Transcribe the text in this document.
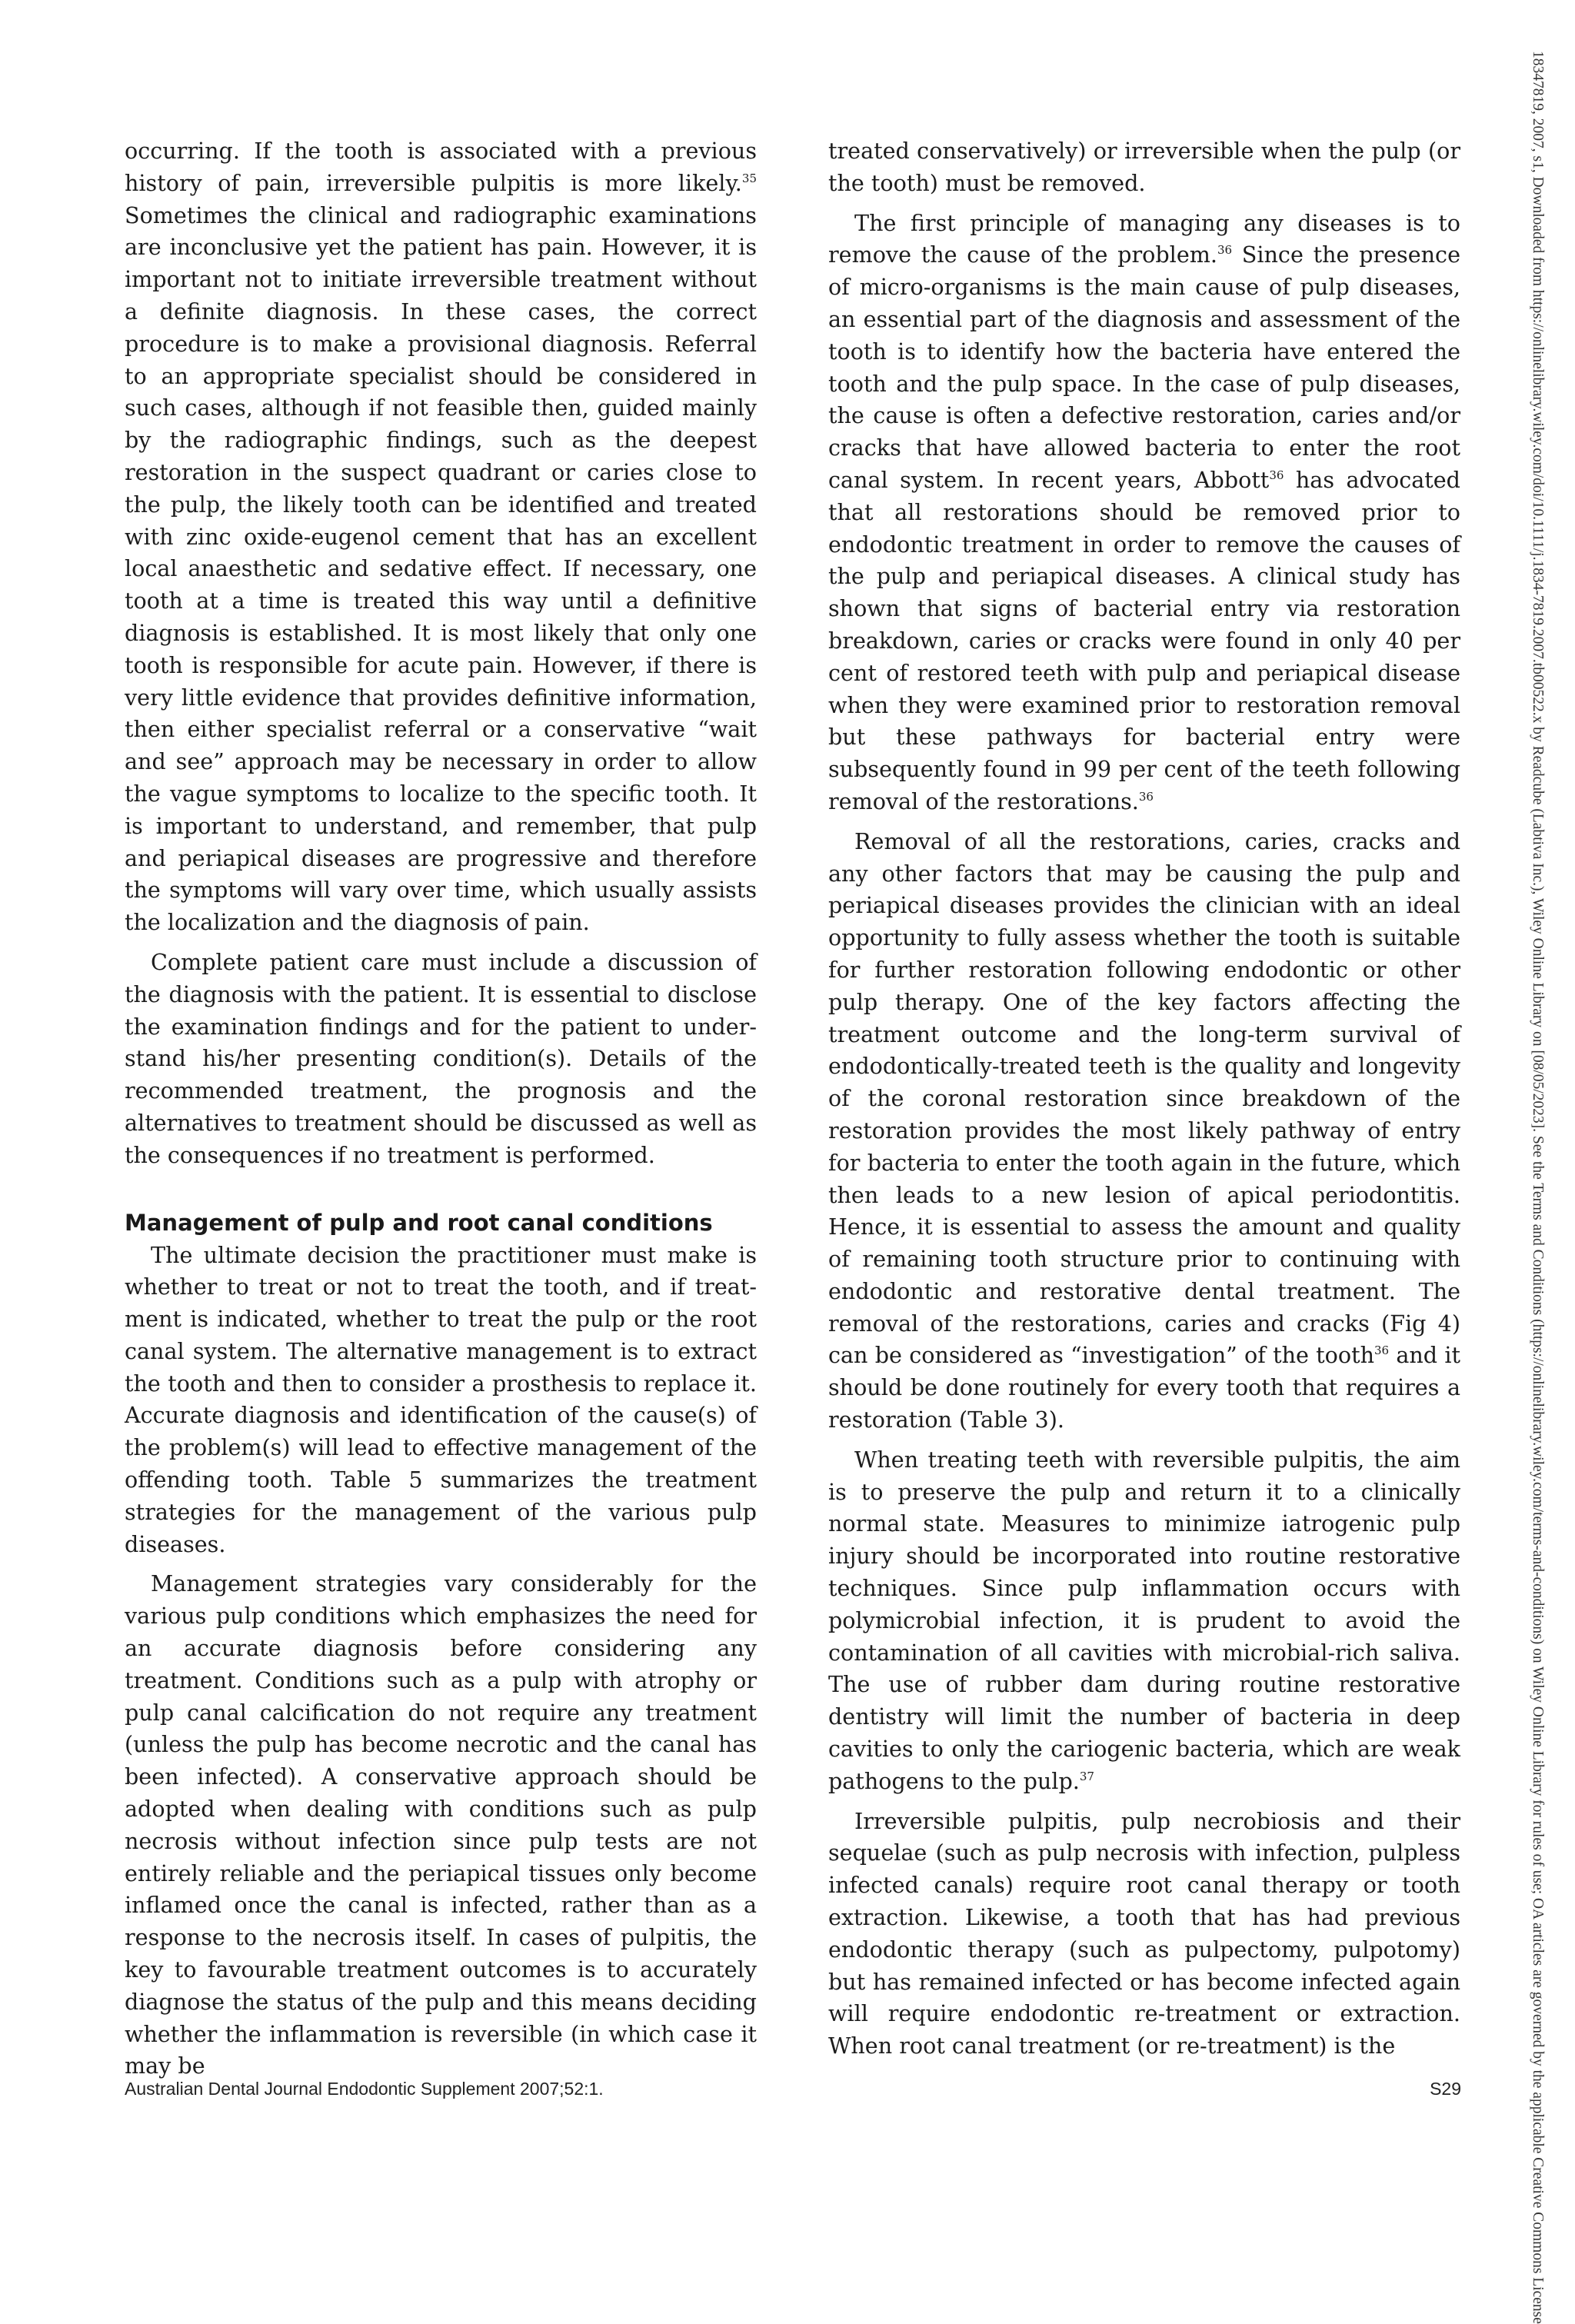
occurring. If the tooth is associated with a previous history of pain, irreversible pulpitis is more likely.$^{35}$ Sometimes the clinical and radiographic examinations are inconclusive yet the patient has pain. However, it is important not to initiate irreversible treatment without a definite diagnosis. In these cases, the correct procedure is to make a provisional diagnosis. Referral to an appropriate specialist should be considered in such cases, although if not feasible then, guided mainly by the radiographic findings, such as the deepest restoration in the suspect quadrant or caries close to the pulp, the likely tooth can be identified and treated with zinc oxide-eugenol cement that has an excellent local anaesthetic and sedative effect. If necessary, one tooth at a time is treated this way until a definitive diagnosis is established. It is most likely that only one tooth is responsible for acute pain. However, if there is very little evidence that provides definitive information, then either specialist referral or a conservative “wait and see” approach may be necessary in order to allow the vague symptoms to localize to the specific tooth. It is important to understand, and remember, that pulp and periapical diseases are progressive and therefore the symptoms will vary over time, which usually assists the localization and the diagnosis of pain.

Complete patient care must include a discussion of the diagnosis with the patient. It is essential to disclose the examination findings and for the patient to understand his/her presenting condition(s). Details of the recommended treatment, the prognosis and the alternatives to treatment should be discussed as well as the consequences if no treatment is performed.

Management of pulp and root canal conditions

The ultimate decision the practitioner must make is whether to treat or not to treat the tooth, and if treatment is indicated, whether to treat the pulp or the root canal system. The alternative management is to extract the tooth and then to consider a prosthesis to replace it. Accurate diagnosis and identification of the cause(s) of the problem(s) will lead to effective management of the offending tooth. Table 5 summarizes the treatment strategies for the management of the various pulp diseases.

Management strategies vary considerably for the various pulp conditions which emphasizes the need for an accurate diagnosis before considering any treatment. Conditions such as a pulp with atrophy or pulp canal calcification do not require any treatment (unless the pulp has become necrotic and the canal has been infected). A conservative approach should be adopted when dealing with conditions such as pulp necrosis without infection since pulp tests are not entirely reliable and the periapical tissues only become inflamed once the canal is infected, rather than as a response to the necrosis itself. In cases of pulpitis, the key to favourable treatment outcomes is to accurately diagnose the status of the pulp and this means deciding whether the inflammation is reversible (in which case it may be

treated conservatively) or irreversible when the pulp (or the tooth) must be removed.

The first principle of managing any diseases is to remove the cause of the problem.$^{36}$ Since the presence of micro-organisms is the main cause of pulp diseases, an essential part of the diagnosis and assessment of the tooth is to identify how the bacteria have entered the tooth and the pulp space. In the case of pulp diseases, the cause is often a defective restoration, caries and/or cracks that have allowed bacteria to enter the root canal system. In recent years, Abbott$^{36}$ has advocated that all restorations should be removed prior to endodontic treatment in order to remove the causes of the pulp and periapical diseases. A clinical study has shown that signs of bacterial entry via restoration breakdown, caries or cracks were found in only 40 per cent of restored teeth with pulp and periapical disease when they were examined prior to restoration removal but these pathways for bacterial entry were subsequently found in 99 per cent of the teeth following removal of the restorations.$^{36}$

Removal of all the restorations, caries, cracks and any other factors that may be causing the pulp and periapical diseases provides the clinician with an ideal opportunity to fully assess whether the tooth is suitable for further restoration following endodontic or other pulp therapy. One of the key factors affecting the treatment outcome and the long-term survival of endodontically-treated teeth is the quality and longevity of the coronal restoration since breakdown of the restoration provides the most likely pathway of entry for bacteria to enter the tooth again in the future, which then leads to a new lesion of apical periodontitis. Hence, it is essential to assess the amount and quality of remaining tooth structure prior to continuing with endodontic and restorative dental treatment. The removal of the restorations, caries and cracks (Fig 4) can be considered as “investigation” of the tooth$^{36}$ and it should be done routinely for every tooth that requires a restoration (Table 3).

When treating teeth with reversible pulpitis, the aim is to preserve the pulp and return it to a clinically normal state. Measures to minimize iatrogenic pulp injury should be incorporated into routine restorative techniques. Since pulp inflammation occurs with polymicrobial infection, it is prudent to avoid the contamination of all cavities with microbial-rich saliva. The use of rubber dam during routine restorative dentistry will limit the number of bacteria in deep cavities to only the cariogenic bacteria, which are weak pathogens to the pulp.$^{37}$

Irreversible pulpitis, pulp necrobiosis and their sequelae (such as pulp necrosis with infection, pulpless infected canals) require root canal therapy or tooth extraction. Likewise, a tooth that has had previous endodontic therapy (such as pulpectomy, pulpotomy) but has remained infected or has become infected again will require endodontic re-treatment or extraction. When root canal treatment (or re-treatment) is the

Australian Dental Journal Endodontic Supplement 2007;52:1.	S29	18347819, 2007, s1, Downloaded from https://onlinelibrary.wiley.com/doi/10.1111/j.1834-7819.2007.tb00522.x by Readcube (Labtiva Inc.), Wiley Online Library on [08/05/2023]. See the Terms and Conditions (https://onlinelibrary.wiley.com/terms-and-conditions) on Wiley Online Library for rules of use; OA articles are governed by the applicable Creative Commons License
